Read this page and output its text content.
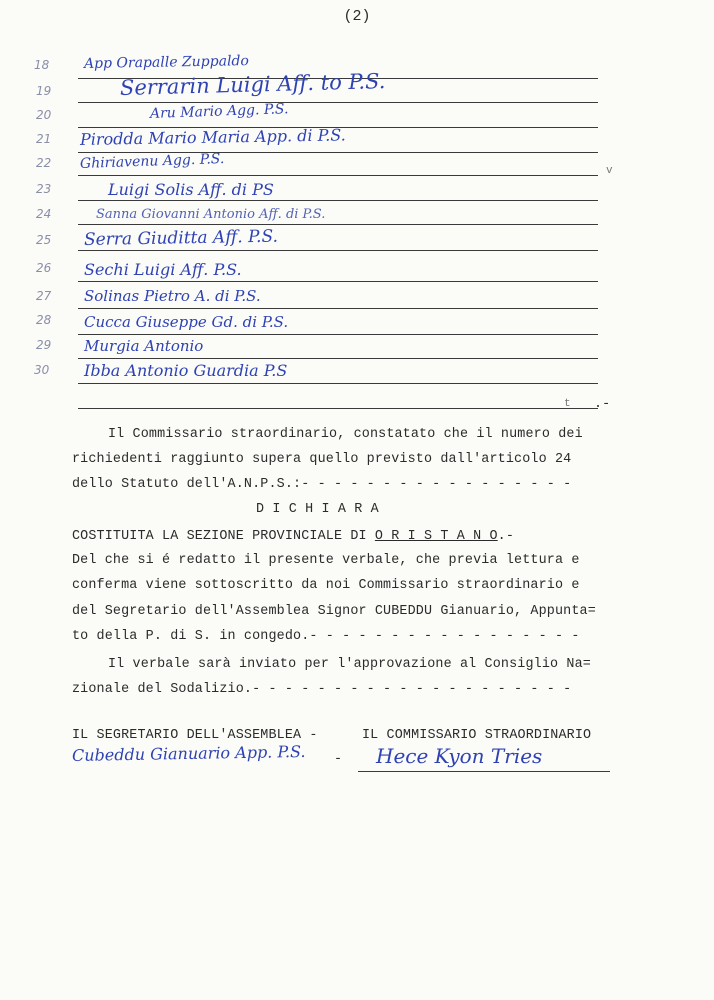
(2)
18
19
20
21
22
23
24
25
26
27
28
29
30
App Orapalle Zuppaldo
Serrarin Luigi Aff. to P.S.
Aru Mario Agg. P.S.
Pirodda Mario Maria App. di P.S.
Ghiriavenu Agg. P.S.
Luigi Solis Aff. di PS
Sanna Giovanni Antonio Aff. di P.S.
Serra Giuditta Aff. P.S.
Sechi Luigi Aff. P.S.
Solinas Pietro A. di P.S.
Cucca Giuseppe Gd. di P.S.
Murgia Antonio
Ibba Antonio Guardia P.S
v
t .-
Il Commissario straordinario, constatato che il numero dei
richiedenti raggiunto supera quello previsto dall'articolo 24
dello Statuto dell'A.N.P.S.:- - - - - - - - - - - - - - - - -
D I C H I A R A
COSTITUITA LA SEZIONE PROVINCIALE DI O R I S T A N O.-
Del che si é redatto il presente verbale, che previa lettura e
conferma viene sottoscritto da noi Commissario straordinario e
del Segretario dell'Assemblea Signor CUBEDDU Gianuario, Appunta=
to della P. di S. in congedo.- - - - - - - - - - - - - - - - -
Il verbale sarà inviato per l'approvazione al Consiglio Na=
zionale del Sodalizio.- - - - - - - - - - - - - - - - - - - -
IL SEGRETARIO DELL'ASSEMBLEA -	IL COMMISSARIO STRAORDINARIO
Cubeddu Gianuario App. P.S. - Hece Kyon Tries
